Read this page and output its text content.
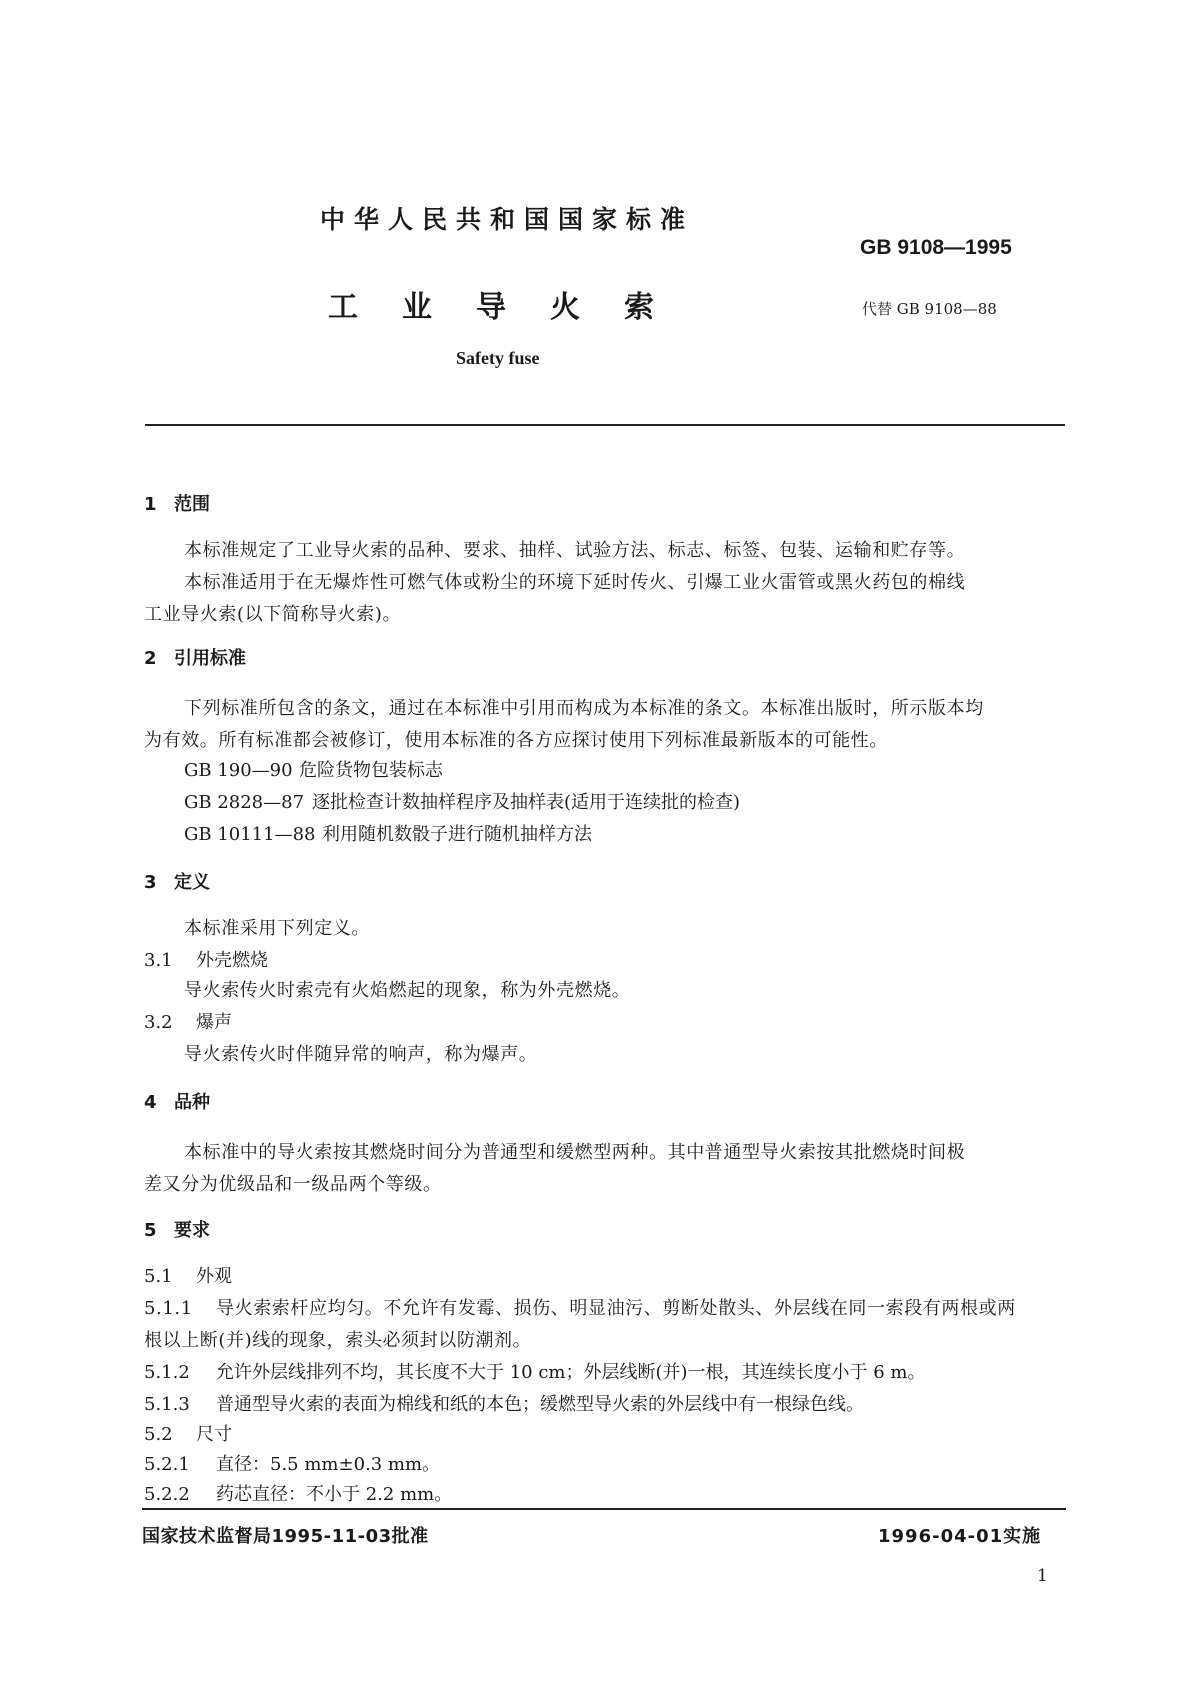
中华人民共和国国家标准
GB 9108—1995
工业导火索	代替 GB 9108—88
Safety fuse
1 范围
本标准规定了工业导火索的品种、要求、抽样、试验方法、标志、标签、包装、运输和贮存等。
本标准适用于在无爆炸性可燃气体或粉尘的环境下延时传火、引爆工业火雷管或黑火药包的棉线
工业导火索(以下简称导火索)。
2 引用标准
下列标准所包含的条文，通过在本标准中引用而构成为本标准的条文。本标准出版时，所示版本均
为有效。所有标准都会被修订，使用本标准的各方应探讨使用下列标准最新版本的可能性。
GB 190—90 危险货物包装标志
GB 2828—87 逐批检查计数抽样程序及抽样表(适用于连续批的检查)
GB 10111—88 利用随机数骰子进行随机抽样方法
3 定义
本标准采用下列定义。
3.1 外壳燃烧
导火索传火时索壳有火焰燃起的现象，称为外壳燃烧。
3.2 爆声
导火索传火时伴随异常的响声，称为爆声。
4 品种
本标准中的导火索按其燃烧时间分为普通型和缓燃型两种。其中普通型导火索按其批燃烧时间极
差又分为优级品和一级品两个等级。
5 要求
5.1 外观
5.1.1 导火索索杆应均匀。不允许有发霉、损伤、明显油污、剪断处散头、外层线在同一索段有两根或两
根以上断(并)线的现象，索头必须封以防潮剂。
5.1.2 允许外层线排列不均，其长度不大于 10 cm；外层线断(并)一根，其连续长度小于 6 m。
5.1.3 普通型导火索的表面为棉线和纸的本色；缓燃型导火索的外层线中有一根绿色线。
5.2 尺寸
5.2.1 直径：5.5 mm±0.3 mm。
5.2.2 药芯直径：不小于 2.2 mm。
国家技术监督局1995-11-03批准	1996-04-01实施
1
